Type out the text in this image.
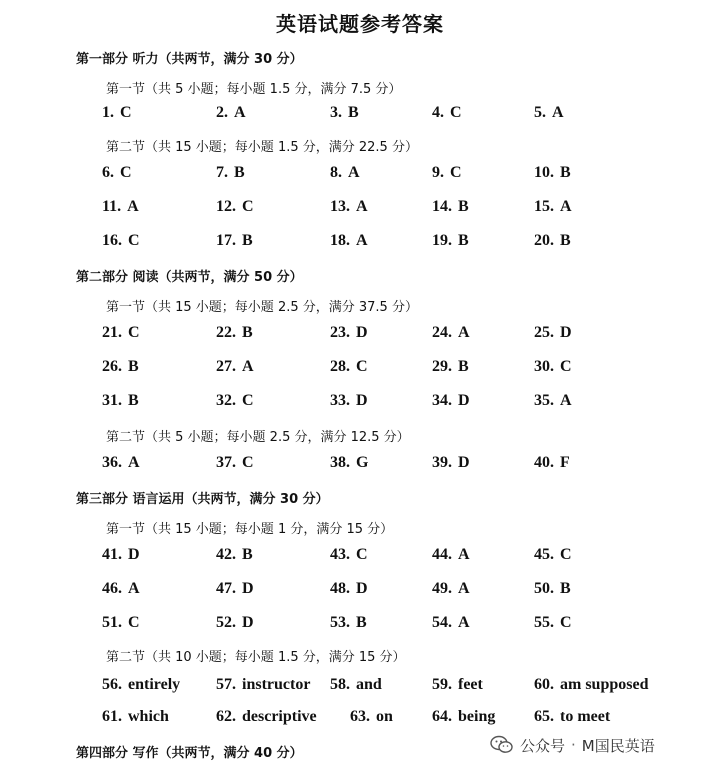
英语试题参考答案
第一部分 听力（共两节，满分 30 分）
第一节（共 5 小题；每小题 1.5 分，满分 7.5 分）
1. C	2. A	3. B	4. C	5. A
第二节（共 15 小题；每小题 1.5 分，满分 22.5 分）
6. C	7. B	8. A	9. C	10. B
11. A	12. C	13. A	14. B	15. A
16. C	17. B	18. A	19. B	20. B
第二部分 阅读（共两节，满分 50 分）
第一节（共 15 小题；每小题 2.5 分，满分 37.5 分）
21. C	22. B	23. D	24. A	25. D
26. B	27. A	28. C	29. B	30. C
31. B	32. C	33. D	34. D	35. A
第二节（共 5 小题；每小题 2.5 分，满分 12.5 分）
36. A	37. C	38. G	39. D	40. F
第三部分 语言运用（共两节，满分 30 分）
第一节（共 15 小题；每小题 1 分，满分 15 分）
41. D	42. B	43. C	44. A	45. C
46. A	47. D	48. D	49. A	50. B
51. C	52. D	53. B	54. A	55. C
第二节（共 10 小题；每小题 1.5 分，满分 15 分）
56. entirely 57. instructor 58. and	59. feet	60. am supposed
61. which	62. descriptive 63. on 64. being 65. to meet
第四部分 写作（共两节，满分 40 分）	公众号 · M国民英语
